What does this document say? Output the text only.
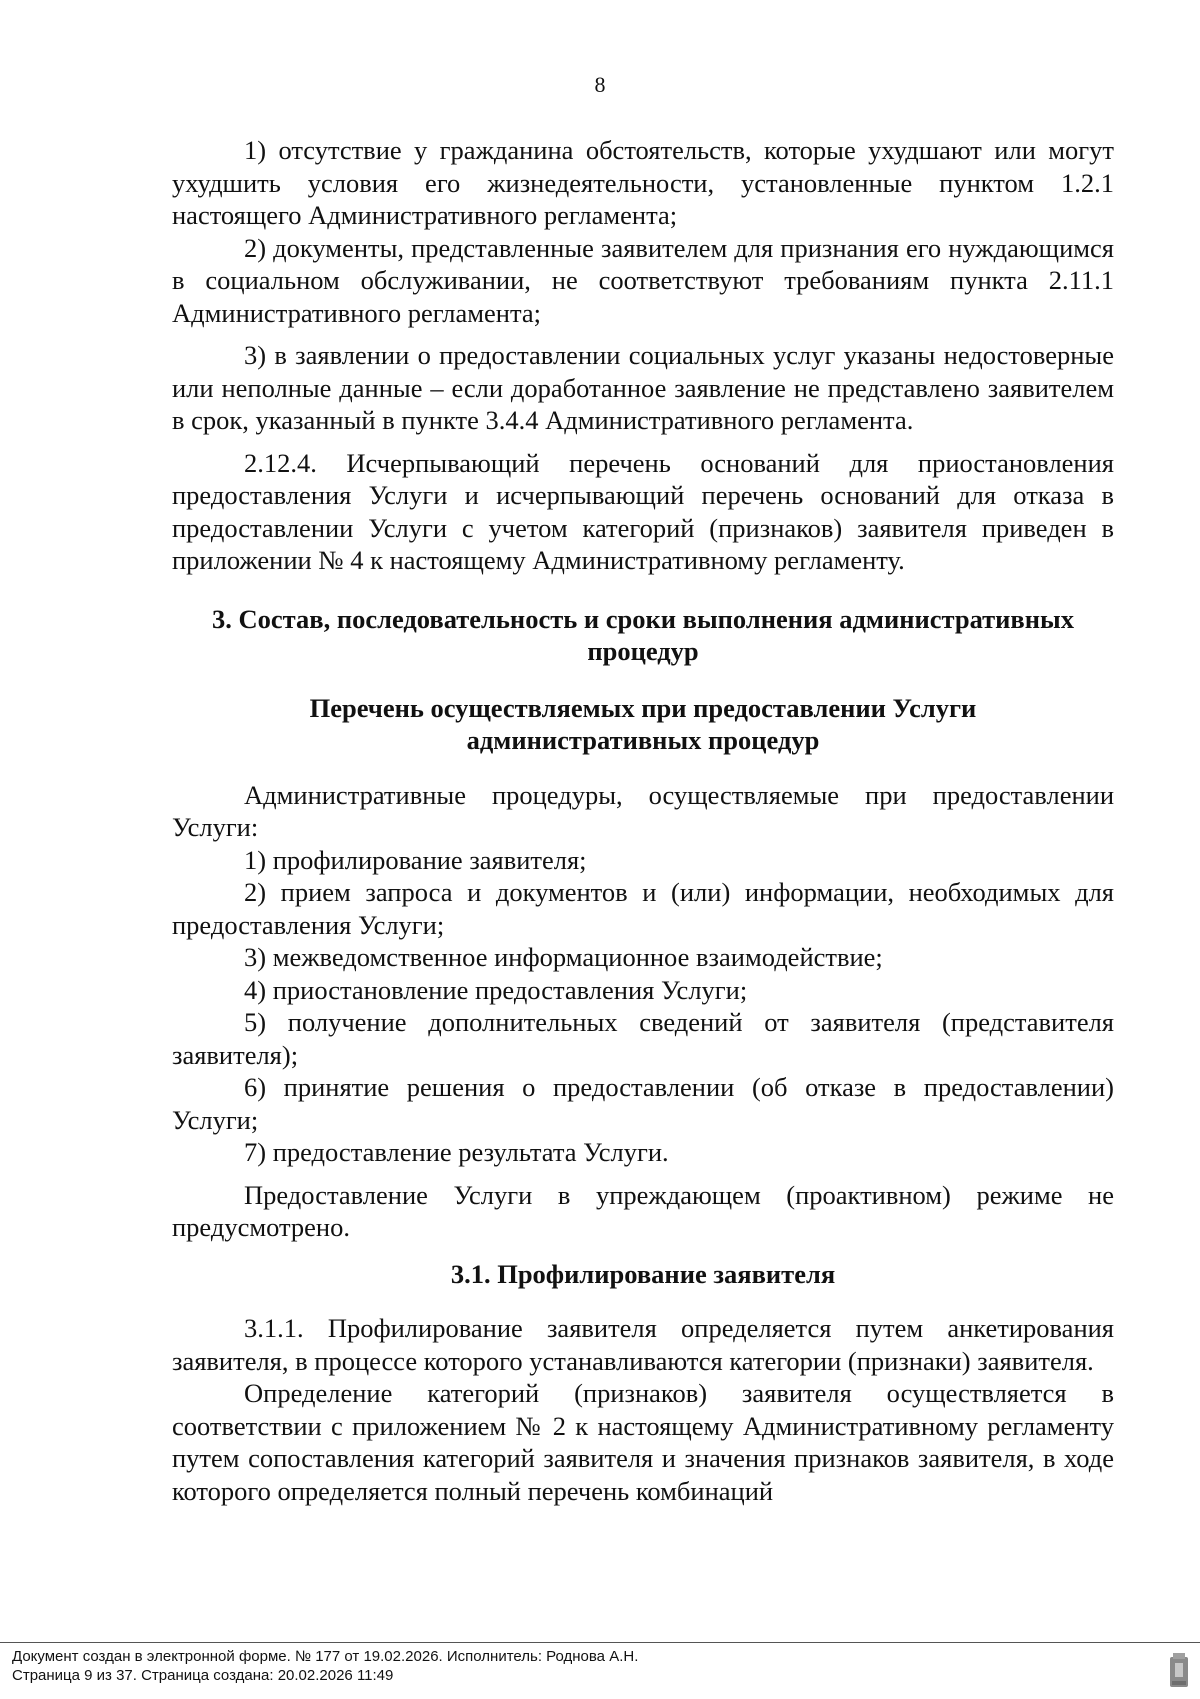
8

1) отсутствие у гражданина обстоятельств, которые ухудшают или могут ухудшить условия его жизнедеятельности, установленные пунктом 1.2.1 настоящего Административного регламента;

2) документы, представленные заявителем для признания его нуждающимся в социальном обслуживании, не соответствуют требованиям пункта 2.11.1 Административного регламента;

3) в заявлении о предоставлении социальных услуг указаны недостоверные или неполные данные – если доработанное заявление не представлено заявителем в срок, указанный в пункте 3.4.4 Административного регламента.

2.12.4. Исчерпывающий перечень оснований для приостановления предоставления Услуги и исчерпывающий перечень оснований для отказа в предоставлении Услуги с учетом категорий (признаков) заявителя приведен в приложении № 4 к настоящему Административному регламенту.

3. Состав, последовательность и сроки выполнения административных
процедур
Перечень осуществляемых при предоставлении Услуги
административных процедур

Административные процедуры, осуществляемые при предоставлении Услуги:

1) профилирование заявителя;

2) прием запроса и документов и (или) информации, необходимых для предоставления Услуги;

3) межведомственное информационное взаимодействие;

4) приостановление предоставления Услуги;

5) получение дополнительных сведений от заявителя (представителя заявителя);

6) принятие решения о предоставлении (об отказе в предоставлении) Услуги;

7) предоставление результата Услуги.

Предоставление Услуги в упреждающем (проактивном) режиме не предусмотрено.

3.1. Профилирование заявителя

3.1.1. Профилирование заявителя определяется путем анкетирования заявителя, в процессе которого устанавливаются категории (признаки) заявителя.

Определение категорий (признаков) заявителя осуществляется в соответствии с приложением № 2 к настоящему Административному регламенту путем сопоставления категорий заявителя и значения признаков заявителя, в ходе которого определяется полный перечень комбинаций

Документ создан в электронной форме. № 177 от 19.02.2026. Исполнитель: Роднова А.Н.
Страница 9 из 37. Страница создана: 20.02.2026 11:49
